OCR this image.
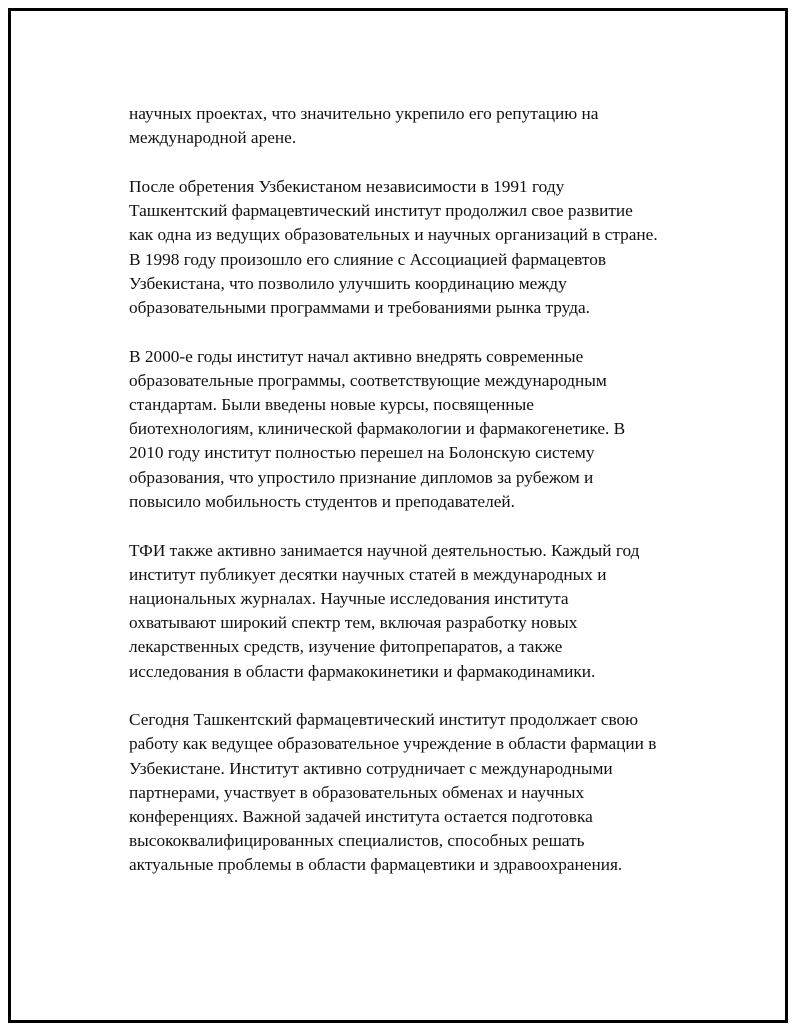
научных проектах, что значительно укрепило его репутацию на
международной арене.

После обретения Узбекистаном независимости в 1991 году
Ташкентский фармацевтический институт продолжил свое развитие
как одна из ведущих образовательных и научных организаций в стране.
В 1998 году произошло его слияние с Ассоциацией фармацевтов
Узбекистана, что позволило улучшить координацию между
образовательными программами и требованиями рынка труда.

В 2000-е годы институт начал активно внедрять современные
образовательные программы, соответствующие международным
стандартам. Были введены новые курсы, посвященные
биотехнологиям, клинической фармакологии и фармакогенетике. В
2010 году институт полностью перешел на Болонскую систему
образования, что упростило признание дипломов за рубежом и
повысило мобильность студентов и преподавателей.

ТФИ также активно занимается научной деятельностью. Каждый год
институт публикует десятки научных статей в международных и
национальных журналах. Научные исследования института
охватывают широкий спектр тем, включая разработку новых
лекарственных средств, изучение фитопрепаратов, а также
исследования в области фармакокинетики и фармакодинамики.

Сегодня Ташкентский фармацевтический институт продолжает свою
работу как ведущее образовательное учреждение в области фармации в
Узбекистане. Институт активно сотрудничает с международными
партнерами, участвует в образовательных обменах и научных
конференциях. Важной задачей института остается подготовка
высококвалифицированных специалистов, способных решать
актуальные проблемы в области фармацевтики и здравоохранения.
